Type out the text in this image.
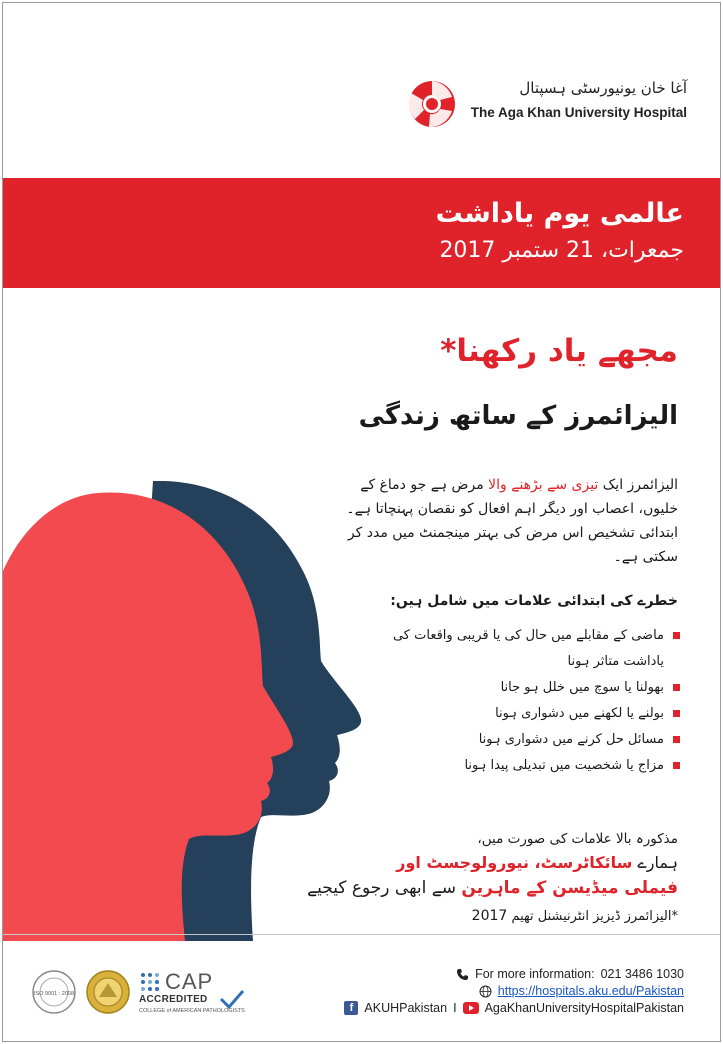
آغا خان یونیورسٹی ہسپتال
The Aga Khan University Hospital
عالمی یوم یاداشت
جمعرات، 21 ستمبر 2017
مجھے یاد رکھنا*
الیزائمرز کے ساتھ زندگی

الیزائمرز ایک تیزی سے بڑھنے والا مرض ہے جو دماغ کے خلیوں، اعصاب اور دیگر اہم افعال کو نقصان پہنچاتا ہے۔ ابتدائی تشخیص اس مرض کی بہتر مینجمنٹ میں مدد کر سکتی ہے۔

خطرے کی ابتدائی علامات میں شامل ہیں:
ماضی کے مقابلے میں حال کی یا قریبی واقعات کی یاداشت متاثر ہونا
بھولنا یا سوچ میں خلل ہو جانا
بولنے یا لکھنے میں دشواری ہونا
مسائل حل کرنے میں دشواری ہونا
مزاج یا شخصیت میں تبدیلی پیدا ہونا
مذکورہ بالا علامات کی صورت میں،
ہمارے سائکاٹرسٹ، نیورولوجسٹ اور
فیملی میڈیسن کے ماہرین سے ابھی رجوع کیجیے
*الیزائمرز ڈیزیز انٹرنیشنل تھیم 2017
ISO 9001 : 2008	CAP
ACCREDITED
COLLEGE of AMERICAN PATHOLOGISTS
For more information: 021 3486 1030
https://hospitals.aku.edu/Pakistan
f AKUHPakistan I AgaKhanUniversityHospitalPakistan
